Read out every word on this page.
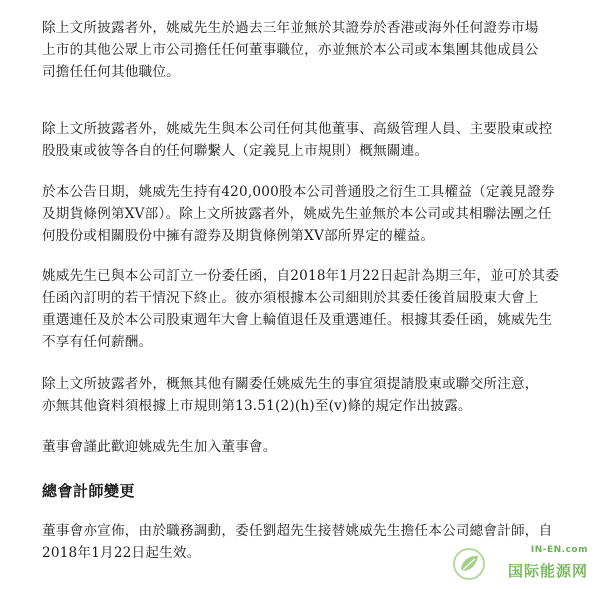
除上文所披露者外，姚威先生於過去三年並無於其證券於香港或海外任何證券市場
上市的其他公眾上市公司擔任任何董事職位，亦並無於本公司或本集團其他成員公
司擔任任何其他職位。

除上文所披露者外，姚威先生與本公司任何其他董事、高級管理人員、主要股東或控
股股東或彼等各自的任何聯繫人（定義見上市規則）概無關連。

於本公告日期，姚威先生持有420,000股本公司普通股之衍生工具權益（定義見證券
及期貨條例第XV部）。除上文所披露者外，姚威先生並無於本公司或其相聯法團之任
何股份或相關股份中擁有證券及期貨條例第XV部所界定的權益。

姚威先生已與本公司訂立一份委任函，自2018年1月22日起計為期三年，並可於其委
任函內訂明的若干情況下終止。彼亦須根據本公司細則於其委任後首屆股東大會上
重選連任及於本公司股東週年大會上輪值退任及重選連任。根據其委任函，姚威先生
不享有任何薪酬。

除上文所披露者外，概無其他有關委任姚威先生的事宜須提請股東或聯交所注意，
亦無其他資料須根據上市規則第13.51(2)(h)至(v)條的規定作出披露。

董事會謹此歡迎姚威先生加入董事會。

總會計師變更

董事會亦宣佈，由於職務調動，委任劉超先生接替姚威先生擔任本公司總會計師，自
2018年1月22日起生效。	IN-EN.com
国际能源网
